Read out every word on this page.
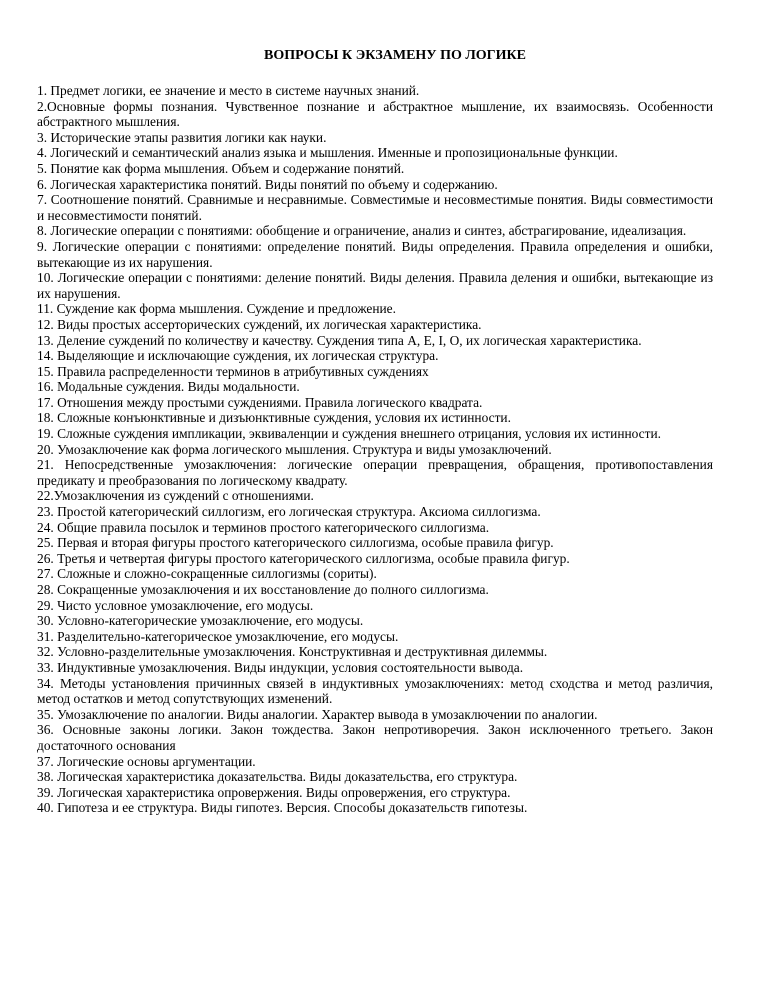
ВОПРОСЫ К ЭКЗАМЕНУ ПО ЛОГИКЕ

1. Предмет логики, ее значение и место в системе научных знаний.

2.Основные формы познания. Чувственное познание и абстрактное мышление, их взаимосвязь. Особенности абстрактного мышления.

3. Исторические этапы развития логики как науки.

4. Логический и семантический анализ языка и мышления. Именные и пропозициональные функции.

5. Понятие как форма мышления. Объем и содержание понятий.

6. Логическая характеристика понятий. Виды понятий по объему и содержанию.

7. Соотношение понятий. Сравнимые и несравнимые. Совместимые и несовместимые понятия. Виды совместимости и несовместимости понятий.

8. Логические операции с понятиями: обобщение и ограничение, анализ и синтез, абстрагирование, идеализация.

9. Логические операции с понятиями: определение понятий. Виды определения. Правила определения и ошибки, вытекающие из их нарушения.

10. Логические операции с понятиями: деление понятий. Виды деления. Правила деления и ошибки, вытекающие из их нарушения.

11. Суждение как форма мышления. Суждение и предложение.

12. Виды простых ассерторических суждений, их логическая характеристика.

13. Деление суждений по количеству и качеству. Суждения типа A, E, I, O, их логическая характеристика.

14. Выделяющие и исключающие суждения, их логическая структура.

15. Правила распределенности терминов в атрибутивных суждениях

16. Модальные суждения. Виды модальности.

17. Отношения между простыми суждениями. Правила логического квадрата.

18. Сложные конъюнктивные и дизъюнктивные суждения, условия их истинности.

19. Сложные суждения импликации, эквиваленции и суждения внешнего отрицания, условия их истинности.

20. Умозаключение как форма логического мышления. Структура и виды умозаключений.

21. Непосредственные умозаключения: логические операции превращения, обращения, противопоставления предикату и преобразования по логическому квадрату.

22.Умозаключения из суждений с отношениями.

23. Простой категорический силлогизм, его логическая структура. Аксиома силлогизма.

24. Общие правила посылок и терминов простого категорического силлогизма.

25. Первая и вторая фигуры простого категорического силлогизма, особые правила фигур.

26. Третья и четвертая фигуры простого категорического силлогизма, особые правила фигур.

27. Сложные и сложно-сокращенные силлогизмы (сориты).

28. Сокращенные умозаключения и их восстановление до полного силлогизма.

29. Чисто условное умозаключение, его модусы.

30. Условно-категорические умозаключение, его модусы.

31. Разделительно-категорическое умозаключение, его модусы.

32. Условно-разделительные умозаключения. Конструктивная и деструктивная дилеммы.

33. Индуктивные умозаключения. Виды индукции, условия состоятельности вывода.

34. Методы установления причинных связей в индуктивных умозаключениях: метод сходства и метод различия, метод остатков и метод сопутствующих изменений.

35. Умозаключение по аналогии. Виды аналогии. Характер вывода в умозаключении по аналогии.

36. Основные законы логики. Закон тождества. Закон непротиворечия. Закон исключенного третьего. Закон достаточного основания

37. Логические основы аргументации.

38. Логическая характеристика доказательства. Виды доказательства, его структура.

39. Логическая характеристика опровержения. Виды опровержения, его структура.

40. Гипотеза и ее структура. Виды гипотез. Версия. Способы доказательств гипотезы.
